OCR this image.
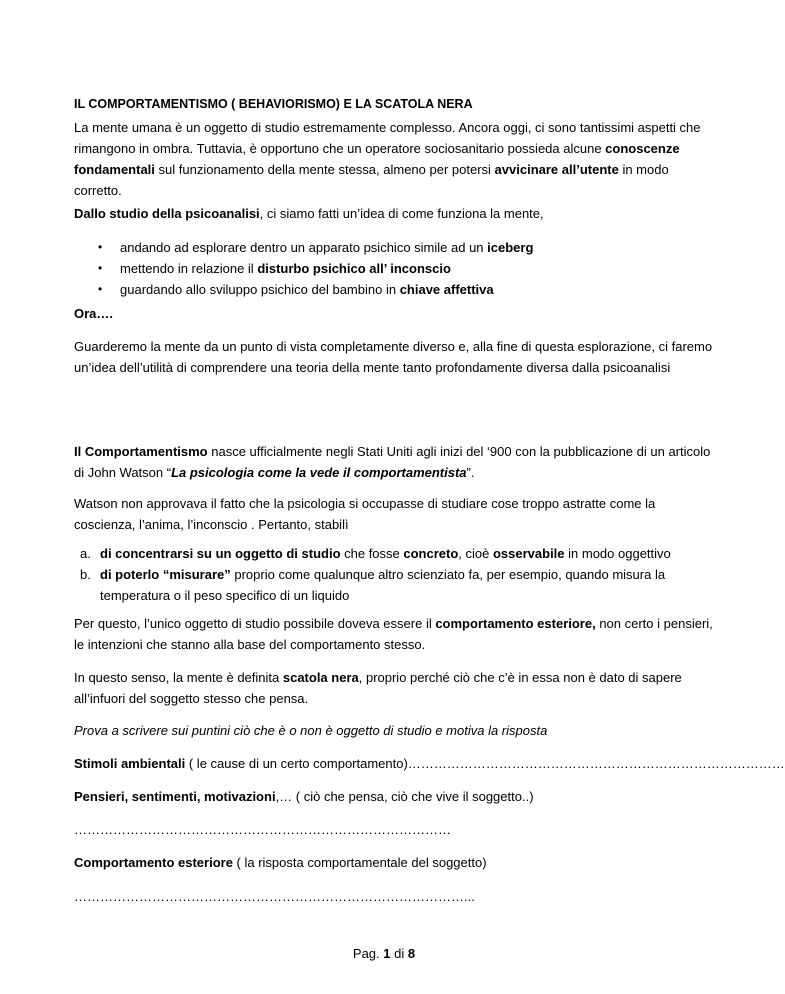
IL COMPORTAMENTISMO ( BEHAVIORISMO) E LA SCATOLA NERA

La mente umana è un oggetto di studio estremamente complesso. Ancora oggi, ci sono tantissimi aspetti che rimangono in ombra. Tuttavia, è opportuno che un operatore sociosanitario possieda alcune conoscenze fondamentali sul funzionamento della mente stessa, almeno per potersi avvicinare all’utente in modo corretto.

Dallo studio della psicoanalisi, ci siamo fatti un’idea di come funziona la mente,

• andando ad esplorare dentro un apparato psichico simile ad un iceberg
• mettendo in relazione il disturbo psichico all’ inconscio
• guardando allo sviluppo psichico del bambino in chiave affettiva

Ora….

Guarderemo la mente da un punto di vista completamente diverso e, alla fine di questa esplorazione, ci faremo un’idea dell’utilità di comprendere una teoria della mente tanto profondamente diversa dalla psicoanalisi

Il Comportamentismo nasce ufficialmente negli Stati Uniti agli inizi del ‘900 con la pubblicazione di un articolo di John Watson “La psicologia come la vede il comportamentista”.

Watson non approvava il fatto che la psicologia si occupasse di studiare cose troppo astratte come la coscienza, l’anima, l’inconscio . Pertanto, stabilì

a. di concentrarsi su un oggetto di studio che fosse concreto, cioè osservabile in modo oggettivo
b. di poterlo “misurare” proprio come qualunque altro scienziato fa, per esempio, quando misura la temperatura o il peso specifico di un liquido

Per questo, l’unico oggetto di studio possibile doveva essere il comportamento esteriore, non certo i pensieri, le intenzioni che stanno alla base del comportamento stesso.

In questo senso, la mente è definita scatola nera, proprio perché ciò che c’è in essa non è dato di sapere all’infuori del soggetto stesso che pensa.

Prova a scrivere sui puntini ciò che è o non è oggetto di studio e motiva la risposta

Stimoli ambientali ( le cause di un certo comportamento)……………………………………………………………………………

Pensieri, sentimenti, motivazioni,… ( ciò che pensa, ciò che vive il soggetto..)

……………………………………………………………………………

Comportamento esteriore ( la risposta comportamentale del soggetto)

………………………………………………………………………………...

Pag. 1 di 8
